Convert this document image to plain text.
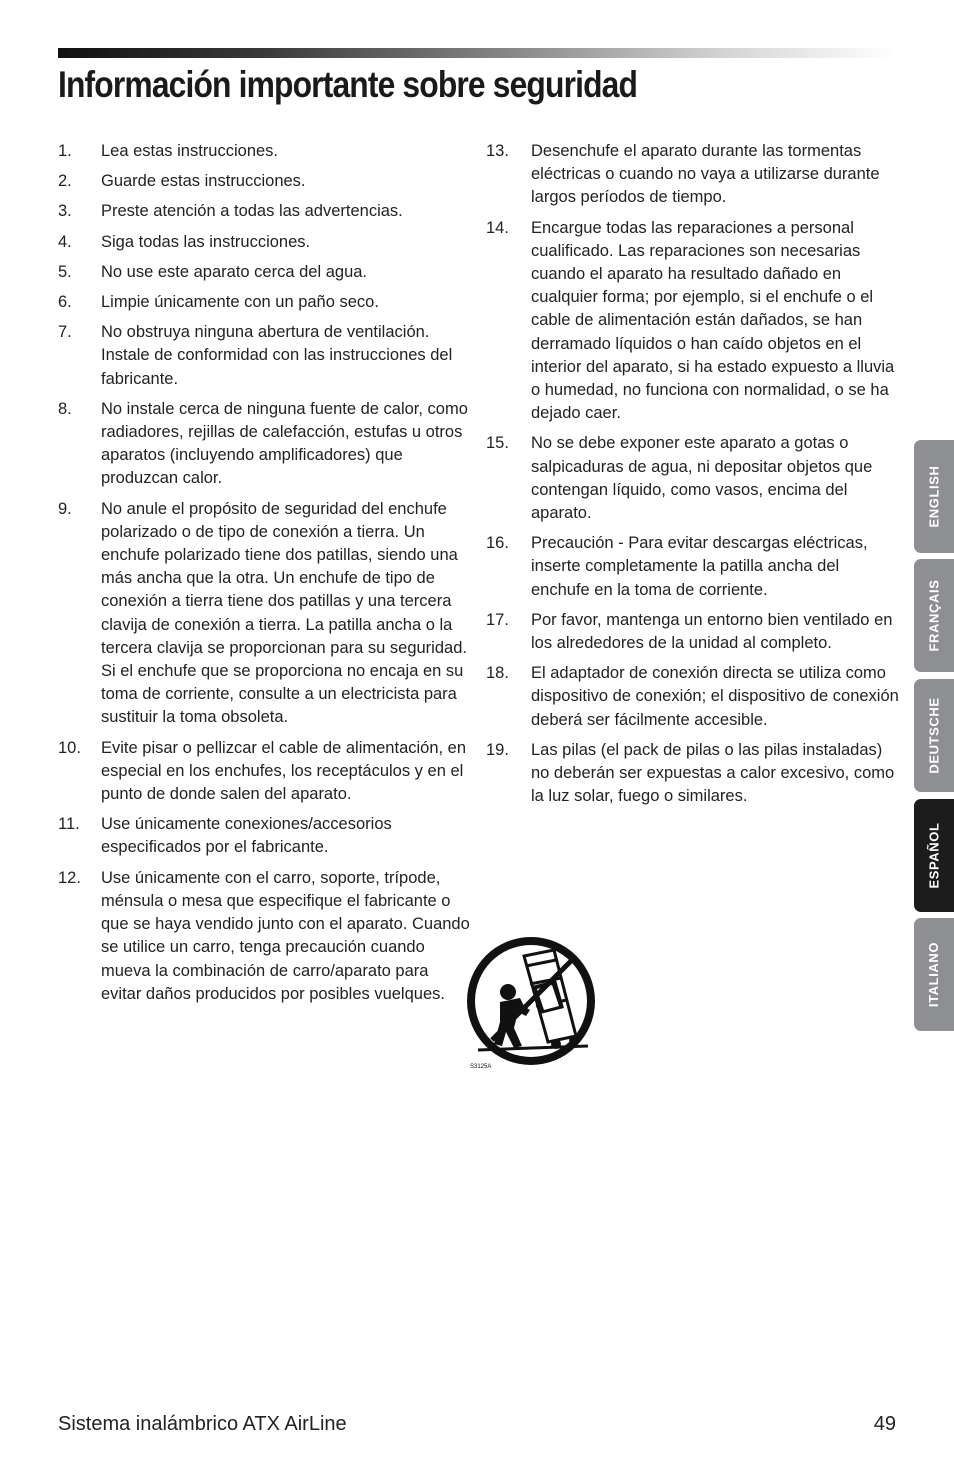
Información importante sobre seguridad
1. Lea estas instrucciones.
2. Guarde estas instrucciones.
3. Preste atención a todas las advertencias.
4. Siga todas las instrucciones.
5. No use este aparato cerca del agua.
6. Limpie únicamente con un paño seco.
7. No obstruya ninguna abertura de ventilación. Instale de conformidad con las instrucciones del fabricante.
8. No instale cerca de ninguna fuente de calor, como radiadores, rejillas de calefacción, estufas u otros aparatos (incluyendo amplificadores) que produzcan calor.
9. No anule el propósito de seguridad del enchufe polarizado o de tipo de conexión a tierra. Un enchufe polarizado tiene dos patillas, siendo una más ancha que la otra. Un enchufe de tipo de conexión a tierra tiene dos patillas y una tercera clavija de conexión a tierra. La patilla ancha o la tercera clavija se proporcionan para su seguridad. Si el enchufe que se proporciona no encaja en su toma de corriente, consulte a un electricista para sustituir la toma obsoleta.
10. Evite pisar o pellizcar el cable de alimentación, en especial en los enchufes, los receptáculos y en el punto de donde salen del aparato.
11. Use únicamente conexiones/accesorios especificados por el fabricante.
12. Use únicamente con el carro, soporte, trípode, ménsula o mesa que especifique el fabricante o que se haya vendido junto con el aparato. Cuando se utilice un carro, tenga precaución cuando mueva la combinación de carro/aparato para evitar daños producidos por posibles vuelques.
13. Desenchufe el aparato durante las tormentas eléctricas o cuando no vaya a utilizarse durante largos períodos de tiempo.
14. Encargue todas las reparaciones a personal cualificado. Las reparaciones son necesarias cuando el aparato ha resultado dañado en cualquier forma; por ejemplo, si el enchufe o el cable de alimentación están dañados, se han derramado líquidos o han caído objetos en el interior del aparato, si ha estado expuesto a lluvia o humedad, no funciona con normalidad, o se ha dejado caer.
15. No se debe exponer este aparato a gotas o salpicaduras de agua, ni depositar objetos que contengan líquido, como vasos, encima del aparato.
16. Precaución - Para evitar descargas eléctricas, inserte completamente la patilla ancha del enchufe en la toma de corriente.
17. Por favor, mantenga un entorno bien ventilado en los alrededores de la unidad al completo.
18. El adaptador de conexión directa se utiliza como dispositivo de conexión; el dispositivo de conexión deberá ser fácilmente accesible.
19. Las pilas (el pack de pilas o las pilas instaladas) no deberán ser expuestas a calor excesivo, como la luz solar, fuego o similares.
S3125A
ENGLISH
FRANÇAIS
DEUTSCHE
ESPAÑOL
ITALIANO
Sistema inalámbrico ATX AirLine	49
